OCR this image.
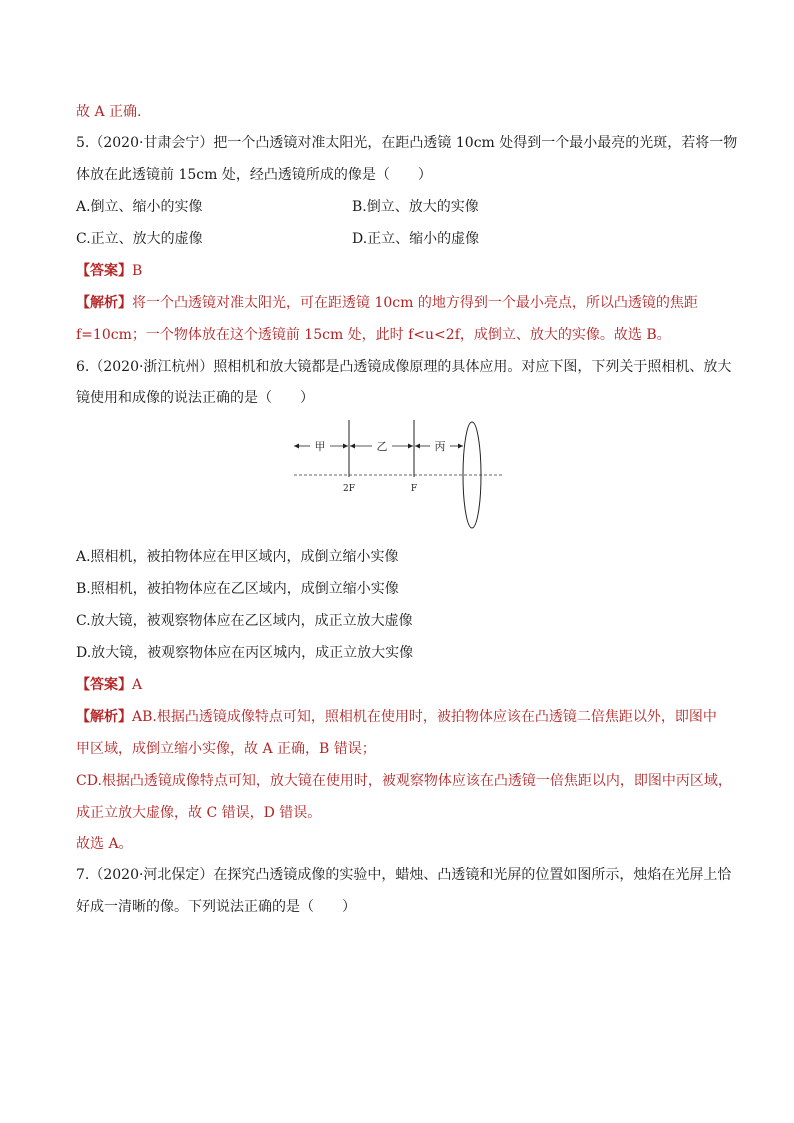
故 A 正确.
5.（2020·甘肃会宁）把一个凸透镜对准太阳光，在距凸透镜 10cm 处得到一个最小最亮的光斑，若将一物
体放在此透镜前 15cm 处，经凸透镜所成的像是（　　）
A.倒立、缩小的实像	B.倒立、放大的实像
C.正立、放大的虚像	D.正立、缩小的虚像
【答案】B
【解析】将一个凸透镜对准太阳光，可在距透镜 10cm 的地方得到一个最小亮点，所以凸透镜的焦距
f=10cm；一个物体放在这个透镜前 15cm 处，此时 f<u<2f，成倒立、放大的实像。故选 B。
6.（2020·浙江杭州）照相机和放大镜都是凸透镜成像原理的具体应用。对应下图，下列关于照相机、放大
镜使用和成像的说法正确的是（　　）
甲	乙	丙
2F	F
A.照相机，被拍物体应在甲区域内，成倒立缩小实像
B.照相机，被拍物体应在乙区域内，成倒立缩小实像
C.放大镜，被观察物体应在乙区域内，成正立放大虚像
D.放大镜，被观察物体应在丙区城内，成正立放大实像
【答案】A
【解析】AB.根据凸透镜成像特点可知，照相机在使用时，被拍物体应该在凸透镜二倍焦距以外，即图中
甲区域，成倒立缩小实像，故 A 正确，B 错误；
CD.根据凸透镜成像特点可知，放大镜在使用时，被观察物体应该在凸透镜一倍焦距以内，即图中丙区域，
成正立放大虚像，故 C 错误，D 错误。
故选 A。
7.（2020·河北保定）在探究凸透镜成像的实验中，蜡烛、凸透镜和光屏的位置如图所示，烛焰在光屏上恰
好成一清晰的像。下列说法正确的是（　　）
